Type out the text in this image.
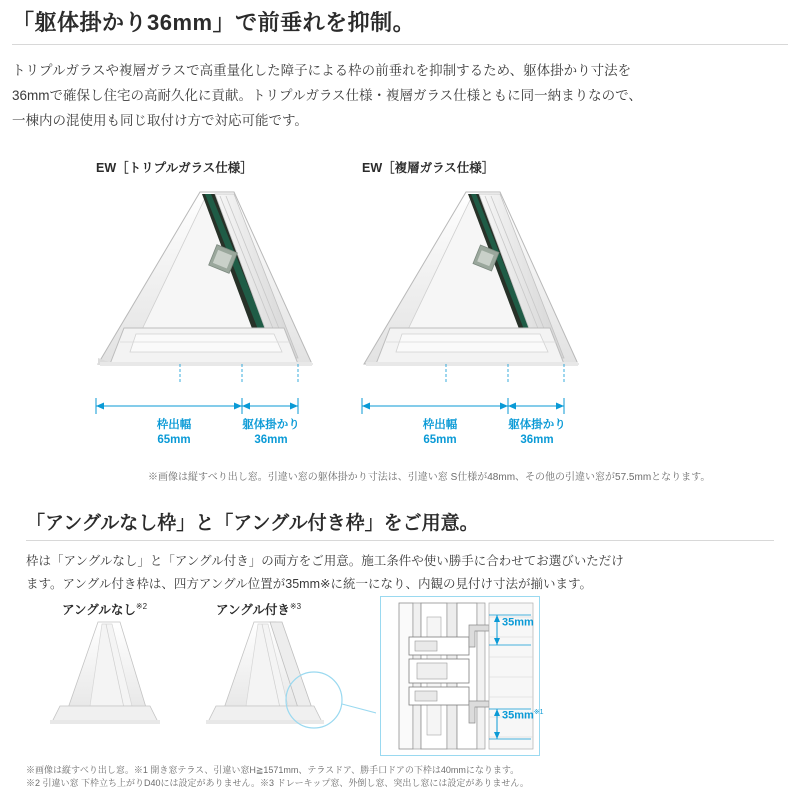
「躯体掛かり36mm」で前垂れを抑制。
トリプルガラスや複層ガラスで高重量化した障子による枠の前垂れを抑制するため、躯体掛かり寸法を36mmで確保し住宅の高耐久化に貢献。トリプルガラス仕様・複層ガラス仕様ともに同一納まりなので、一棟内の混使用も同じ取付け方で対応可能です。
EW［トリプルガラス仕様］	EW［複層ガラス仕様］
枠出幅
65mm
躯体掛かり
36mm
枠出幅
65mm
躯体掛かり
36mm
※画像は縦すべり出し窓。引違い窓の躯体掛かり寸法は、引違い窓 S仕様が48mm、その他の引違い窓が57.5mmとなります。
「アングルなし枠」と「アングル付き枠」をご用意。
枠は「アングルなし」と「アングル付き」の両方をご用意。施工条件や使い勝手に合わせてお選びいただけます。アングル付き枠は、四方アングル位置が35mm※に統一になり、内観の見付け寸法が揃います。
アングルなし$^{※2}$	アングル付き$^{※3}$
35mm
$35mm^{※1}$
※画像は縦すべり出し窓。※1 開き窓テラス、引違い窓H≧1571mm、テラスドア、勝手口ドアの下枠は40mmになります。
※2 引違い窓 下枠立ち上がりD40には設定がありません。※3 ドレーキップ窓、外倒し窓、突出し窓には設定がありません。
